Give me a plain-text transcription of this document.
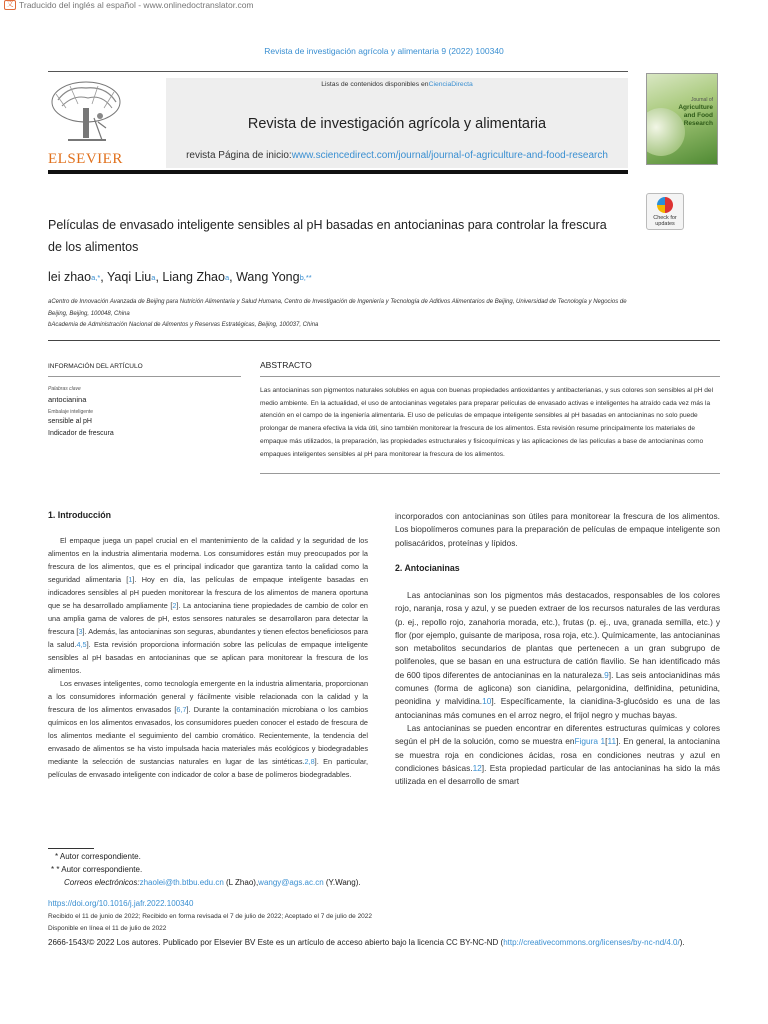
文 Traducido del inglés al español - www.onlinedoctranslator.com
Revista de investigación agrícola y alimentaria 9 (2022) 100340
ELSEVIER
Listas de contenidos disponibles enCienciaDirecta
Revista de investigación agrícola y alimentaria
revista Página de inicio:www.sciencedirect.com/journal/journal-of-agriculture-and-food-research
Journal of
Agriculture
and Food
Research
Películas de envasado inteligente sensibles al pH basadas en antocianinas para controlar la frescura de los alimentos
Check for
updates
lei zhao$^{a,*}$, Yaqi Liu$^a$, Liang Zhao$^a$, Wang Yong$^{b,**}$
aCentro de Innovación Avanzada de Beijing para Nutrición Alimentaria y Salud Humana, Centro de Investigación de Ingeniería y Tecnología de Aditivos Alimentarios de Beijing, Universidad de Tecnología y Negocios de Beijing, Beijing, 100048, China
bAcademia de Administración Nacional de Alimentos y Reservas Estratégicas, Beijing, 100037, China
INFORMACIÓN DEL ARTÍCULO
Palabras clave
antocianina
Embalaje inteligente
sensible al pH
Indicador de frescura
ABSTRACTO
Las antocianinas son pigmentos naturales solubles en agua con buenas propiedades antioxidantes y antibacterianas, y sus colores son sensibles al pH del medio ambiente. En la actualidad, el uso de antocianinas vegetales para preparar películas de envasado activas e inteligentes ha atraído cada vez más la atención en el campo de la ingeniería alimentaria. El uso de películas de empaque inteligente sensibles al pH basadas en antocianinas no solo puede prolongar de manera efectiva la vida útil, sino también monitorear la frescura de los alimentos. Esta revisión resume principalmente los materiales de empaque más utilizados, la preparación, las propiedades estructurales y fisicoquímicas y las aplicaciones de las películas a base de antocianinas como empaques inteligentes sensibles al pH para monitorear la frescura de los alimentos.
1. Introducción

El empaque juega un papel crucial en el mantenimiento de la calidad y la seguridad de los alimentos en la industria alimentaria moderna. Los consumidores están muy preocupados por la frescura de los alimentos, que es el principal indicador que garantiza tanto la calidad como la seguridad alimentaria [1]. Hoy en día, las películas de empaque inteligente basadas en indicadores sensibles al pH pueden monitorear la frescura de los alimentos de manera oportuna que se ha desarrollado ampliamente [2]. La antocianina tiene propiedades de cambio de color en una amplia gama de valores de pH, estos sensores naturales se desarrollaron para detectar la frescura [3]. Además, las antocianinas son seguras, abundantes y tienen efectos beneficiosos para la salud.4,5]. Esta revisión proporciona información sobre las películas de empaque inteligente sensibles al pH basadas en antocianinas que se aplican para monitorear la frescura de los alimentos.

Los envases inteligentes, como tecnología emergente en la industria alimentaria, proporcionan a los consumidores información general y fácilmente visible relacionada con la calidad y la frescura de los alimentos envasados [6,7]. Durante la contaminación microbiana o los cambios químicos en los alimentos envasados, los consumidores pueden conocer el estado de frescura de los alimentos mediante el seguimiento del cambio cromático. Recientemente, la tendencia del envasado de alimentos se ha visto impulsada hacia materiales más ecológicos y biodegradables mediante la selección de sustancias naturales en lugar de las sintéticas.2,8]. En particular, películas de envasado inteligente con indicador de color a base de polímeros biodegradables.

incorporados con antocianinas son útiles para monitorear la frescura de los alimentos. Los biopolímeros comunes para la preparación de películas de empaque inteligente son polisacáridos, proteínas y lípidos.

2. Antocianinas

Las antocianinas son los pigmentos más destacados, responsables de los colores rojo, naranja, rosa y azul, y se pueden extraer de los recursos naturales de las verduras (p. ej., repollo rojo, zanahoria morada, etc.), frutas (p. ej., uva, granada semilla, etc.) y flor (por ejemplo, guisante de mariposa, rosa roja, etc.). Químicamente, las antocianinas son metabolitos secundarios de plantas que pertenecen a un gran subgrupo de polifenoles, que se basan en una estructura de catión flavilio. Se han identificado más de 600 tipos diferentes de antocianinas en la naturaleza.9]. Las seis antocianidinas más comunes (forma de aglicona) son cianidina, pelargonidina, delfinidina, petunidina, peonidina y malvidina.10]. Específicamente, la cianidina-3-glucósido es una de las antocianinas más comunes en el arroz negro, el frijol negro y muchas bayas.

Las antocianinas se pueden encontrar en diferentes estructuras químicas y colores según el pH de la solución, como se muestra enFigura 1[11]. En general, la antocianina se muestra roja en condiciones ácidas, rosa en condiciones neutras y azul en condiciones básicas.12]. Esta propiedad particular de las antocianinas ha sido la más utilizada en el desarrollo de smart

* Autor correspondiente.
* * Autor correspondiente.
Correos electrónicos:zhaolei@th.btbu.edu.cn (L Zhao),wangy@ags.ac.cn (Y.Wang).
https://doi.org/10.1016/j.jafr.2022.100340
Recibido el 11 de junio de 2022; Recibido en forma revisada el 7 de julio de 2022; Aceptado el 7 de julio de 2022
Disponible en línea el 11 de julio de 2022
2666-1543/© 2022 Los autores. Publicado por Elsevier BV Este es un artículo de acceso abierto bajo la licencia CC BY-NC-ND (http://creativecommons.org/licenses/by-nc-nd/4.0/).
